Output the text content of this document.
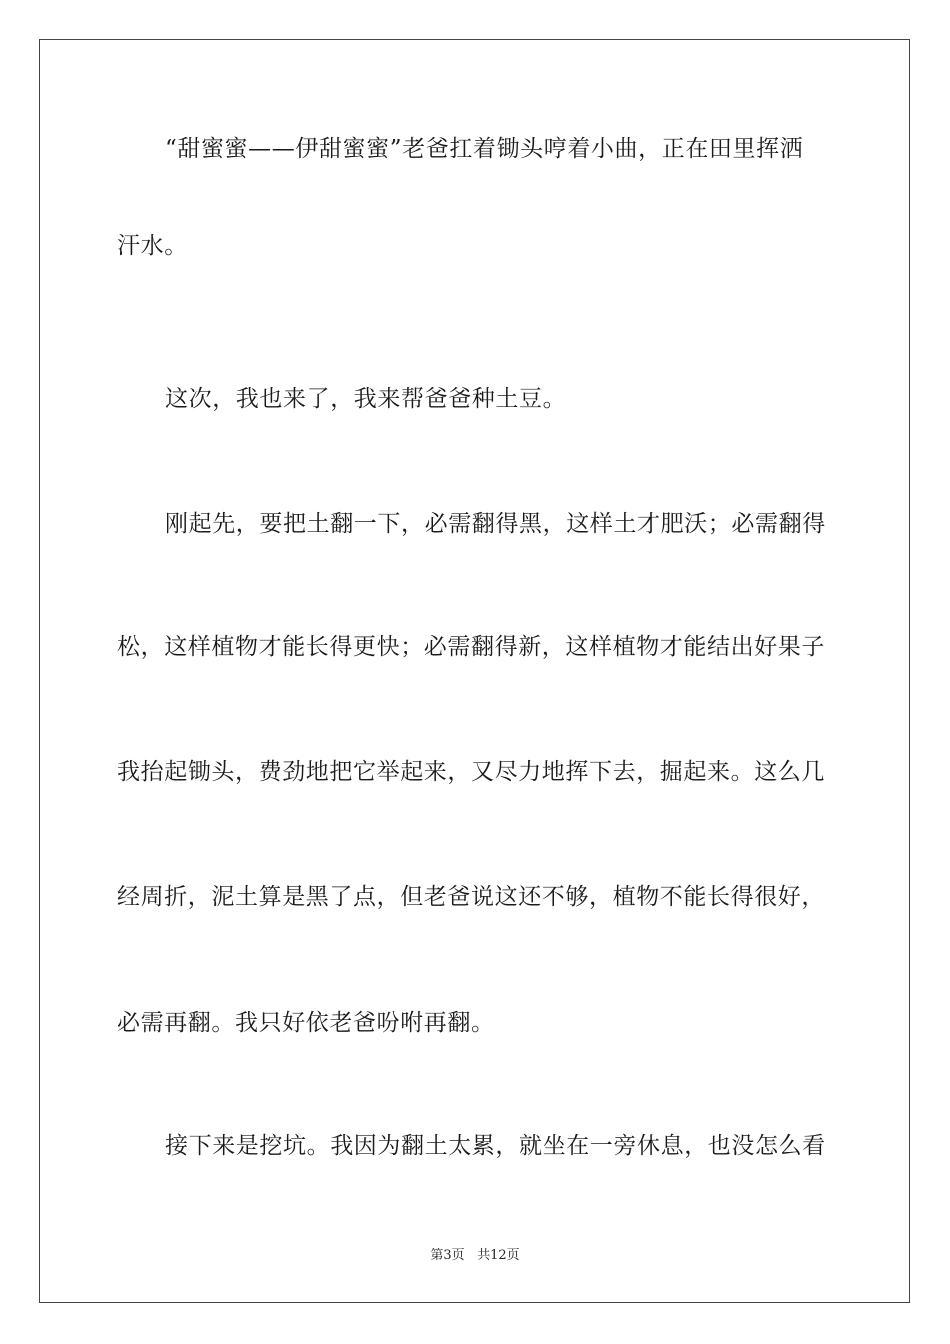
“甜蜜蜜——伊甜蜜蜜”老爸扛着锄头哼着小曲，正在田里挥洒
汗水。
这次，我也来了，我来帮爸爸种土豆。
刚起先，要把土翻一下，必需翻得黑，这样土才肥沃；必需翻得
松，这样植物才能长得更快；必需翻得新，这样植物才能结出好果子
我抬起锄头，费劲地把它举起来，又尽力地挥下去，掘起来。这么几
经周折，泥土算是黑了点，但老爸说这还不够，植物不能长得很好，
必需再翻。我只好依老爸吩咐再翻。
接下来是挖坑。我因为翻土太累，就坐在一旁休息，也没怎么看
第3页 共12页
